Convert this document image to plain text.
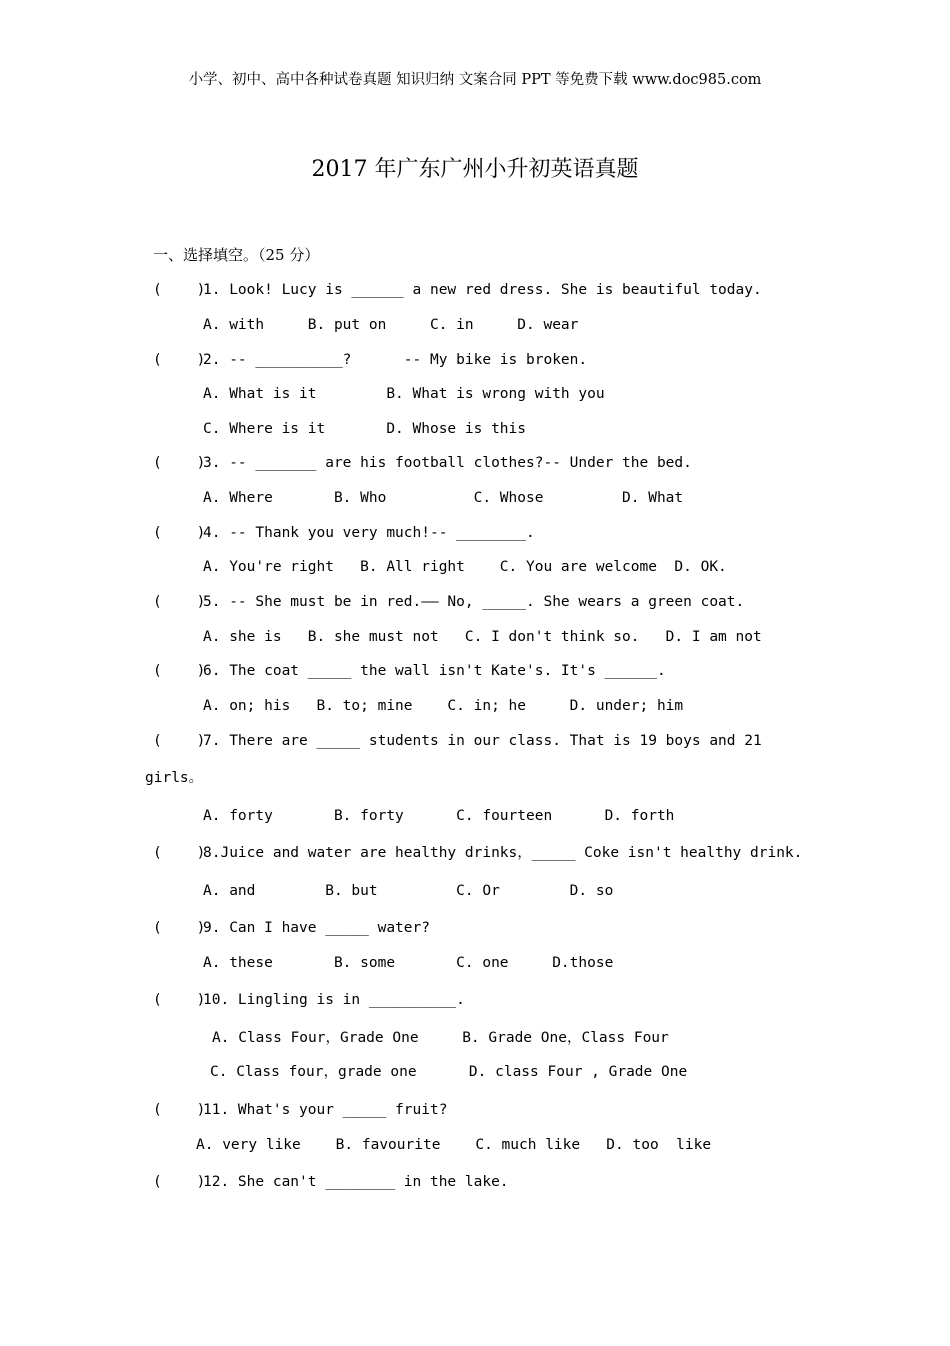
小学、初中、高中各种试卷真题 知识归纳 文案合同 PPT 等免费下载 www.doc985.com
2017 年广东广州小升初英语真题
一、选择填空。（25 分）
(    )
1. Look! Lucy is ______ a new red dress. She is beautiful today.
A. with     B. put on     C. in     D. wear
(    )
2. -- __________?      -- My bike is broken.
A. What is it        B. What is wrong with you
C. Where is it       D. Whose is this
(    )
3. -- _______ are his football clothes?-- Under the bed.
A. Where       B. Who          C. Whose         D. What
(    )
4. -- Thank you very much!-- ________.
A. You're right   B. All right    C. You are welcome  D. OK.
(    )
5. -- She must be in red.—— No, _____. She wears a green coat.
A. she is   B. she must not   C. I don't think so.   D. I am not
(    )
6. The coat _____ the wall isn't Kate's. It's ______.
A. on; his   B. to; mine    C. in; he     D. under; him
(    )
7. There are _____ students in our class. That is 19 boys and 21
girls。
A. forty       B. forty      C. fourteen      D. forth
(    )
8.Juice and water are healthy drinks，_____ Coke isn't healthy drink.
A. and        B. but         C. Or        D. so
(    )
9. Can I have _____ water?
A. these       B. some       C. one     D.those
(    )
10. Lingling is in __________.
A. Class Four，Grade One     B. Grade One，Class Four
C. Class four，grade one      D. class Four , Grade One
(    )
11. What's your _____ fruit?
A. very like    B. favourite    C. much like   D. too  like
(    )
12. She can't ________ in the lake.
